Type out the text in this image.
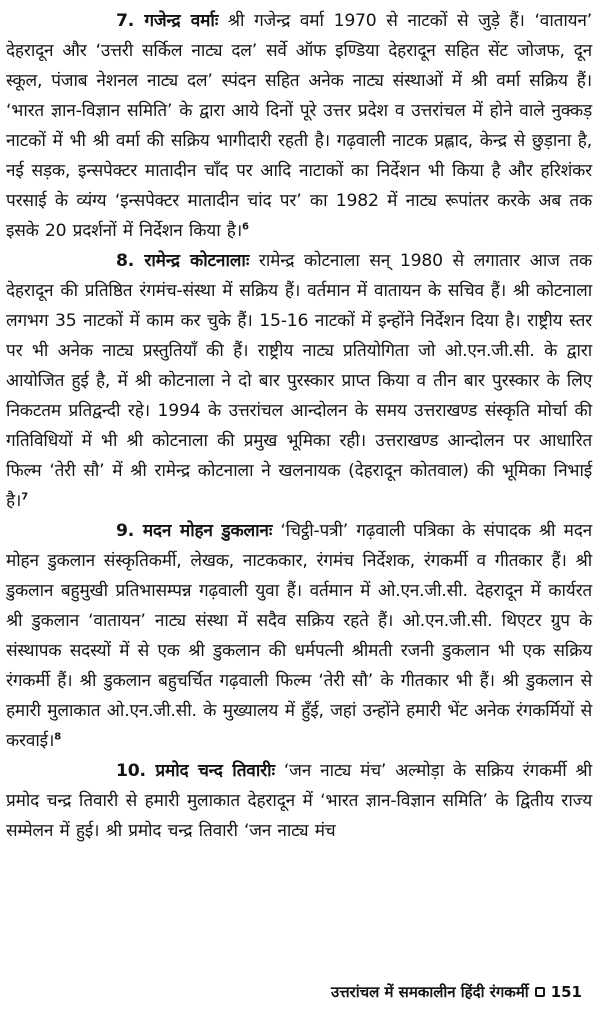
7. गजेन्द्र वर्माः श्री गजेन्द्र वर्मा 1970 से नाटकों से जुड़े हैं। ‘वातायन’ देहरादून और ‘उत्तरी सर्किल नाट्य दल’ सर्वे ऑफ इण्डिया देहरादून सहित सेंट जोजफ, दून स्कूल, पंजाब नेशनल नाट्य दल’ स्पंदन सहित अनेक नाट्य संस्थाओं में श्री वर्मा सक्रिय हैं। ‘भारत ज्ञान-विज्ञान समिति’ के द्वारा आये दिनों पूरे उत्तर प्रदेश व उत्तरांचल में होने वाले नुक्कड़ नाटकों में भी श्री वर्मा की सक्रिय भागीदारी रहती है। गढ़वाली नाटक प्रह्लाद, केन्द्र से छुड़ाना है, नई सड़क, इन्सपेक्टर मातादीन चाँद पर आदि नाटाकों का निर्देशन भी किया है और हरिशंकर परसाई के व्यंग्य ‘इन्सपेक्टर मातादीन चांद पर’ का 1982 में नाट्य रूपांतर करके अब तक इसके 20 प्रदर्शनों में निर्देशन किया है।$^6$

8. रामेन्द्र कोटनालाः रामेन्द्र कोटनाला सन् 1980 से लगातार आज तक देहरादून की प्रतिष्ठित रंगमंच-संस्था में सक्रिय हैं। वर्तमान में वातायन के सचिव हैं। श्री कोटनाला लगभग 35 नाटकों में काम कर चुके हैं। 15-16 नाटकों में इन्होंने निर्देशन दिया है। राष्ट्रीय स्तर पर भी अनेक नाट्य प्रस्तुतियाँ की हैं। राष्ट्रीय नाट्य प्रतियोगिता जो ओ.एन.जी.सी. के द्वारा आयोजित हुई है, में श्री कोटनाला ने दो बार पुरस्कार प्राप्त किया व तीन बार पुरस्कार के लिए निकटतम प्रतिद्वन्दी रहे। 1994 के उत्तरांचल आन्दोलन के समय उत्तराखण्ड संस्कृति मोर्चा की गतिविधियों में भी श्री कोटनाला की प्रमुख भूमिका रही। उत्तराखण्ड आन्दोलन पर आधारित फिल्म ‘तेरी सौ’ में श्री रामेन्द्र कोटनाला ने खलनायक (देहरादून कोतवाल) की भूमिका निभाई है।$^7$

9. मदन मोहन डुकलानः ‘चिट्ठी-पत्री’ गढ़वाली पत्रिका के संपादक श्री मदन मोहन डुकलान संस्कृतिकर्मी, लेखक, नाटककार, रंगमंच निर्देशक, रंगकर्मी व गीतकार हैं। श्री डुकलान बहुमुखी प्रतिभासम्पन्न गढ़वाली युवा हैं। वर्तमान में ओ.एन.जी.सी. देहरादून में कार्यरत श्री डुकलान ‘वातायन’ नाट्य संस्था में सदैव सक्रिय रहते हैं। ओ.एन.जी.सी. थिएटर ग्रुप के संस्थापक सदस्यों में से एक श्री डुकलान की धर्मपत्नी श्रीमती रजनी डुकलान भी एक सक्रिय रंगकर्मी हैं। श्री डुकलान बहुचर्चित गढ़वाली फिल्म ‘तेरी सौ’ के गीतकार भी हैं। श्री डुकलान से हमारी मुलाकात ओ.एन.जी.सी. के मुख्यालय में हुँई, जहां उन्होंने हमारी भेंट अनेक रंगकर्मियों से करवाई।$^8$

10. प्रमोद चन्द तिवारीः ‘जन नाट्य मंच’ अल्मोड़ा के सक्रिय रंगकर्मी श्री प्रमोद चन्द्र तिवारी से हमारी मुलाकात देहरादून में ‘भारत ज्ञान-विज्ञान समिति’ के द्वितीय राज्य सम्मेलन में हुई। श्री प्रमोद चन्द्र तिवारी ‘जन नाट्य मंच

उत्तरांचल में समकालीन हिंदी रंगकर्मी 151
